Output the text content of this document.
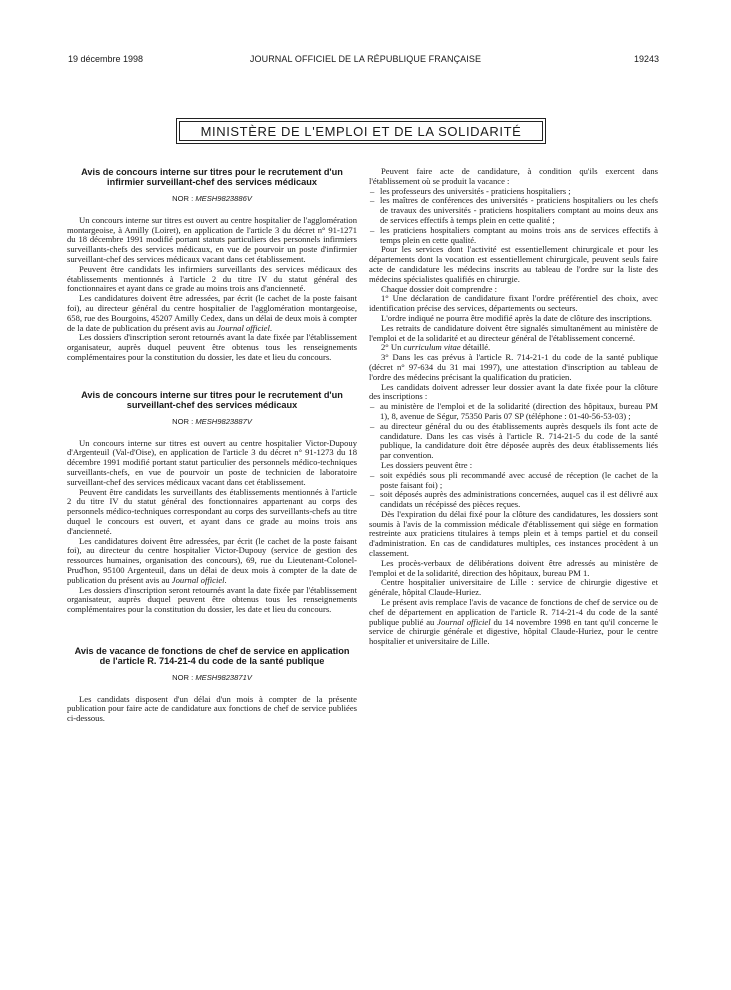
19 décembre 1998	JOURNAL OFFICIEL DE LA RÉPUBLIQUE FRANÇAISE	19243
MINISTÈRE DE L'EMPLOI ET DE LA SOLIDARITÉ
Avis de concours interne sur titres pour le recrutement d'un infirmier surveillant-chef des services médicaux
NOR : MESH9823886V

Un concours interne sur titres est ouvert au centre hospitalier de l'agglomération montargeoise, à Amilly (Loiret), en application de l'article 3 du décret n° 91-1271 du 18 décembre 1991 modifié portant statuts particuliers des personnels infirmiers surveillants-chefs des services médicaux, en vue de pourvoir un poste d'infirmier surveillant-chef des services médicaux vacant dans cet établissement.

Peuvent être candidats les infirmiers surveillants des services médicaux des établissements mentionnés à l'article 2 du titre IV du statut général des fonctionnaires et ayant dans ce grade au moins trois ans d'ancienneté.

Les candidatures doivent être adressées, par écrit (le cachet de la poste faisant foi), au directeur général du centre hospitalier de l'agglomération montargeoise, 658, rue des Bourgoins, 45207 Amilly Cedex, dans un délai de deux mois à compter de la date de publication du présent avis au Journal officiel.

Les dossiers d'inscription seront retournés avant la date fixée par l'établissement organisateur, auprès duquel peuvent être obtenus tous les renseignements complémentaires pour la constitution du dossier, les date et lieu du concours.

Avis de concours interne sur titres pour le recrutement d'un surveillant-chef des services médicaux
NOR : MESH9823887V

Un concours interne sur titres est ouvert au centre hospitalier Victor-Dupouy d'Argenteuil (Val-d'Oise), en application de l'article 3 du décret n° 91-1273 du 18 décembre 1991 modifié portant statut particulier des personnels médico-techniques surveillants-chefs, en vue de pourvoir un poste de technicien de laboratoire surveillant-chef des services médicaux vacant dans cet établissement.

Peuvent être candidats les surveillants des établissements mentionnés à l'article 2 du titre IV du statut général des fonctionnaires appartenant au corps des personnels médico-techniques correspondant au corps des surveillants-chefs au titre duquel le concours est ouvert, et ayant dans ce grade au moins trois ans d'ancienneté.

Les candidatures doivent être adressées, par écrit (le cachet de la poste faisant foi), au directeur du centre hospitalier Victor-Dupouy (service de gestion des ressources humaines, organisation des concours), 69, rue du Lieutenant-Colonel-Prud'hon, 95100 Argenteuil, dans un délai de deux mois à compter de la date de publication du présent avis au Journal officiel.

Les dossiers d'inscription seront retournés avant la date fixée par l'établissement organisateur, auprès duquel peuvent être obtenus tous les renseignements complémentaires pour la constitution du dossier, les date et lieu du concours.

Avis de vacance de fonctions de chef de service en application de l'article R. 714-21-4 du code de la santé publique
NOR : MESH9823871V

Les candidats disposent d'un délai d'un mois à compter de la présente publication pour faire acte de candidature aux fonctions de chef de service publiées ci-dessous.

Peuvent faire acte de candidature, à condition qu'ils exercent dans l'établissement où se produit la vacance :

– les professeurs des universités - praticiens hospitaliers ;
– les maîtres de conférences des universités - praticiens hospitaliers ou les chefs de travaux des universités - praticiens hospitaliers comptant au moins deux ans de services effectifs à temps plein en cette qualité ;
– les praticiens hospitaliers comptant au moins trois ans de services effectifs à temps plein en cette qualité.

Pour les services dont l'activité est essentiellement chirurgicale et pour les départements dont la vocation est essentiellement chirurgicale, peuvent seuls faire acte de candidature les médecins inscrits au tableau de l'ordre sur la liste des médecins spécialistes qualifiés en chirurgie.

Chaque dossier doit comprendre :

1° Une déclaration de candidature fixant l'ordre préférentiel des choix, avec identification précise des services, départements ou secteurs.

L'ordre indiqué ne pourra être modifié après la date de clôture des inscriptions.

Les retraits de candidature doivent être signalés simultanément au ministère de l'emploi et de la solidarité et au directeur général de l'établissement concerné.

2° Un curriculum vitae détaillé.

3° Dans les cas prévus à l'article R. 714-21-1 du code de la santé publique (décret n° 97-634 du 31 mai 1997), une attestation d'inscription au tableau de l'ordre des médecins précisant la qualification du praticien.

Les candidats doivent adresser leur dossier avant la date fixée pour la clôture des inscriptions :

– au ministère de l'emploi et de la solidarité (direction des hôpitaux, bureau PM 1), 8, avenue de Ségur, 75350 Paris 07 SP (téléphone : 01-40-56-53-03) ;
– au directeur général du ou des établissements auprès desquels ils font acte de candidature. Dans les cas visés à l'article R. 714-21-5 du code de la santé publique, la candidature doit être déposée auprès des deux établissements liés par convention.

Les dossiers peuvent être :

– soit expédiés sous pli recommandé avec accusé de réception (le cachet de la poste faisant foi) ;
– soit déposés auprès des administrations concernées, auquel cas il est délivré aux candidats un récépissé des pièces reçues.

Dès l'expiration du délai fixé pour la clôture des candidatures, les dossiers sont soumis à l'avis de la commission médicale d'établissement qui siège en formation restreinte aux praticiens titulaires à temps plein et à temps partiel et du conseil d'administration. En cas de candidatures multiples, ces instances procèdent à un classement.

Les procès-verbaux de délibérations doivent être adressés au ministère de l'emploi et de la solidarité, direction des hôpitaux, bureau PM 1.

Centre hospitalier universitaire de Lille : service de chirurgie digestive et générale, hôpital Claude-Huriez.

Le présent avis remplace l'avis de vacance de fonctions de chef de service ou de chef de département en application de l'article R. 714-21-4 du code de la santé publique publié au Journal officiel du 14 novembre 1998 en tant qu'il concerne le service de chirurgie générale et digestive, hôpital Claude-Huriez, pour le centre hospitalier et universitaire de Lille.
